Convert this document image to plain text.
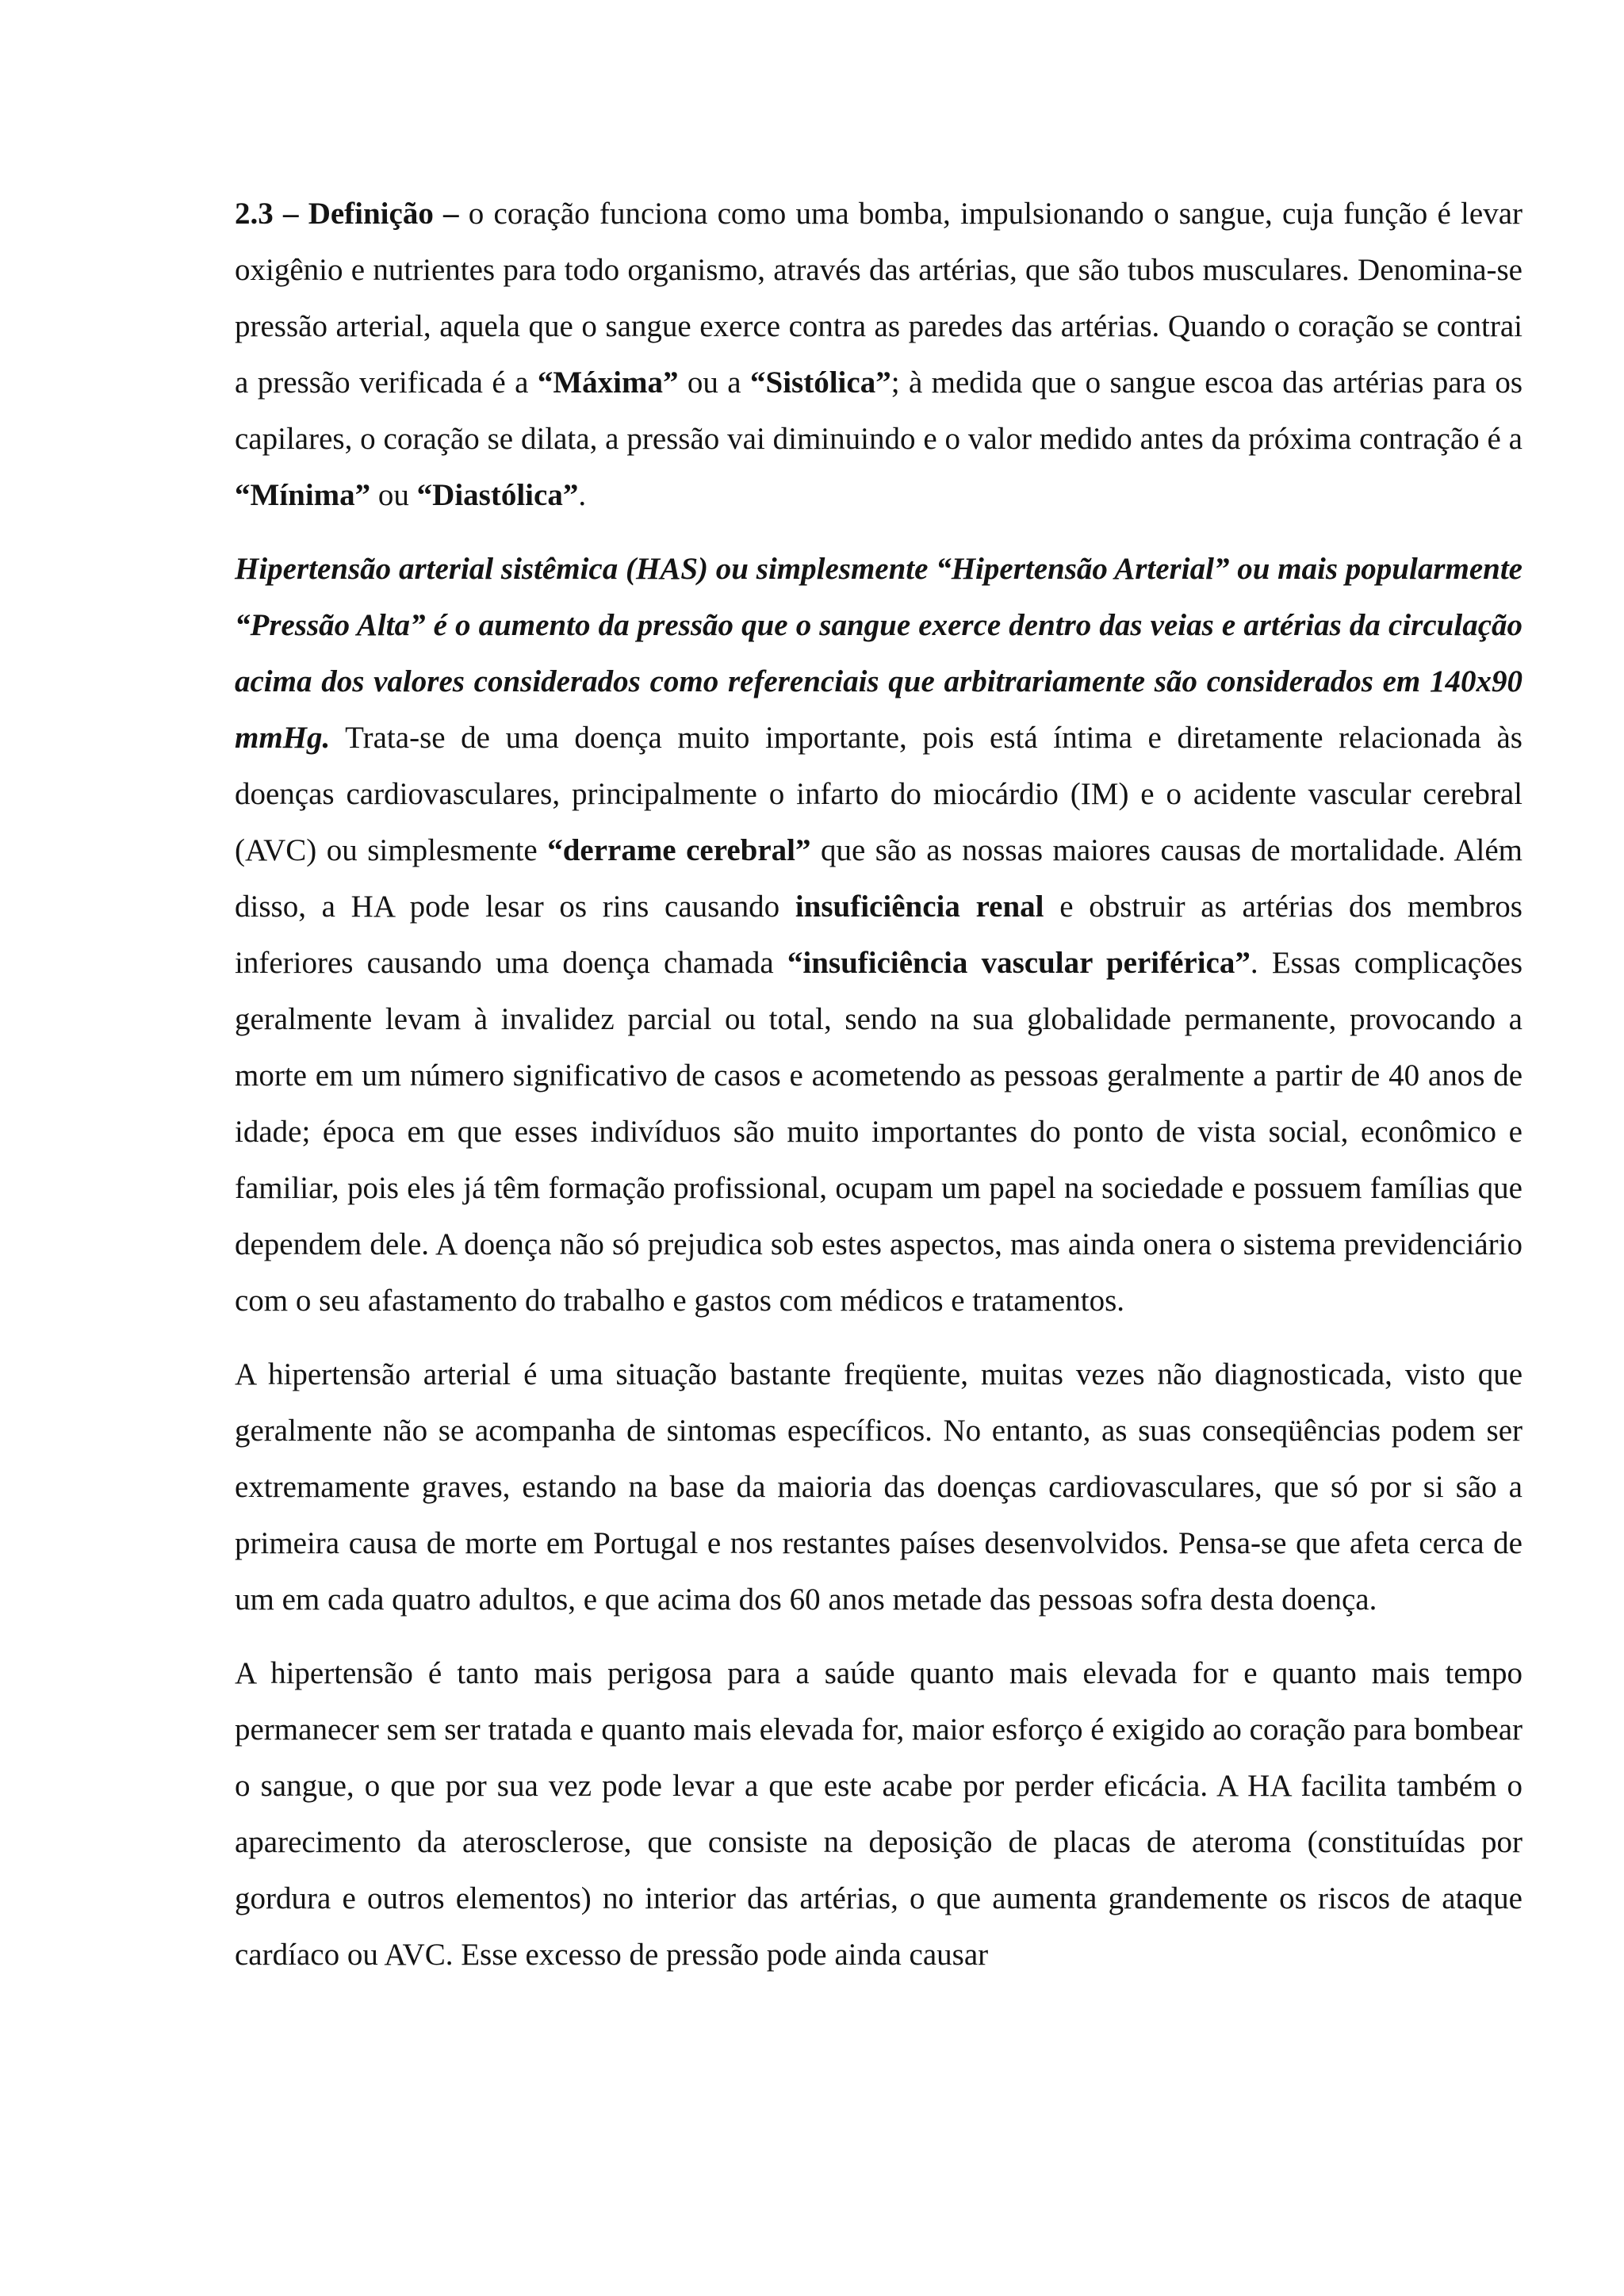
2.3 – Definição – o coração funciona como uma bomba, impulsionando o sangue, cuja função é levar oxigênio e nutrientes para todo organismo, através das artérias, que são tubos musculares. Denomina-se pressão arterial, aquela que o sangue exerce contra as paredes das artérias. Quando o coração se contrai a pressão verificada é a “Máxima” ou a “Sistólica”; à medida que o sangue escoa das artérias para os capilares, o coração se dilata, a pressão vai diminuindo e o valor medido antes da próxima contração é a “Mínima” ou “Diastólica”.

Hipertensão arterial sistêmica (HAS) ou simplesmente “Hipertensão Arterial” ou mais popularmente “Pressão Alta” é o aumento da pressão que o sangue exerce dentro das veias e artérias da circulação acima dos valores considerados como referenciais que arbitrariamente são considerados em 140x90 mmHg. Trata-se de uma doença muito importante, pois está íntima e diretamente relacionada às doenças cardiovasculares, principalmente o infarto do miocárdio (IM) e o acidente vascular cerebral (AVC) ou simplesmente “derrame cerebral” que são as nossas maiores causas de mortalidade. Além disso, a HA pode lesar os rins causando insuficiência renal e obstruir as artérias dos membros inferiores causando uma doença chamada “insuficiência vascular periférica”. Essas complicações geralmente levam à invalidez parcial ou total, sendo na sua globalidade permanente, provocando a morte em um número significativo de casos e acometendo as pessoas geralmente a partir de 40 anos de idade; época em que esses indivíduos são muito importantes do ponto de vista social, econômico e familiar, pois eles já têm formação profissional, ocupam um papel na sociedade e possuem famílias que dependem dele. A doença não só prejudica sob estes aspectos, mas ainda onera o sistema previdenciário com o seu afastamento do trabalho e gastos com médicos e tratamentos.

A hipertensão arterial é uma situação bastante freqüente, muitas vezes não diagnosticada, visto que geralmente não se acompanha de sintomas específicos. No entanto, as suas conseqüências podem ser extremamente graves, estando na base da maioria das doenças cardiovasculares, que só por si são a primeira causa de morte em Portugal e nos restantes países desenvolvidos. Pensa-se que afeta cerca de um em cada quatro adultos, e que acima dos 60 anos metade das pessoas sofra desta doença.

A hipertensão é tanto mais perigosa para a saúde quanto mais elevada for e quanto mais tempo permanecer sem ser tratada e quanto mais elevada for, maior esforço é exigido ao coração para bombear o sangue, o que por sua vez pode levar a que este acabe por perder eficácia. A HA facilita também o aparecimento da aterosclerose, que consiste na deposição de placas de ateroma (constituídas por gordura e outros elementos) no interior das artérias, o que aumenta grandemente os riscos de ataque cardíaco ou AVC. Esse excesso de pressão pode ainda causar
